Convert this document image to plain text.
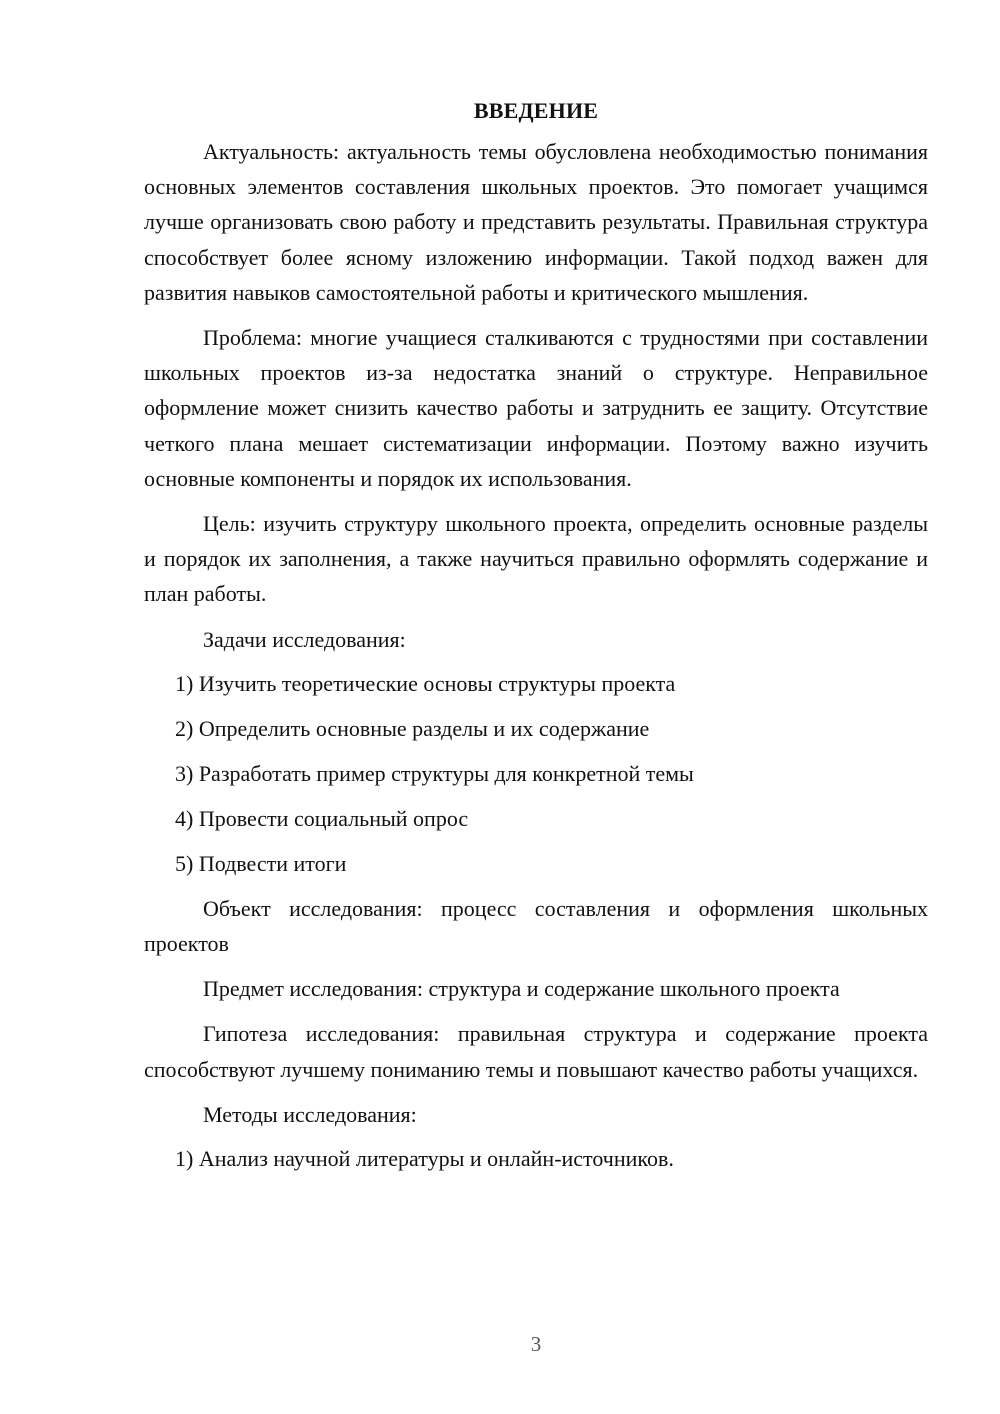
ВВЕДЕНИЕ

Актуальность: актуальность темы обусловлена необходимостью понимания основных элементов составления школьных проектов. Это помогает учащимся лучше организовать свою работу и представить результаты. Правильная структура способствует более ясному изложению информации. Такой подход важен для развития навыков самостоятельной работы и критического мышления.

Проблема: многие учащиеся сталкиваются с трудностями при составлении школьных проектов из-за недостатка знаний о структуре. Неправильное оформление может снизить качество работы и затруднить ее защиту. Отсутствие четкого плана мешает систематизации информации. Поэтому важно изучить основные компоненты и порядок их использования.

Цель: изучить структуру школьного проекта, определить основные разделы и порядок их заполнения, а также научиться правильно оформлять содержание и план работы.

Задачи исследования:

1) Изучить теоретические основы структуры проекта
2) Определить основные разделы и их содержание
3) Разработать пример структуры для конкретной темы
4) Провести социальный опрос
5) Подвести итоги

Объект исследования: процесс составления и оформления школьных проектов

Предмет исследования: структура и содержание школьного проекта

Гипотеза исследования: правильная структура и содержание проекта способствуют лучшему пониманию темы и повышают качество работы учащихся.

Методы исследования:

1) Анализ научной литературы и онлайн-источников.
3
